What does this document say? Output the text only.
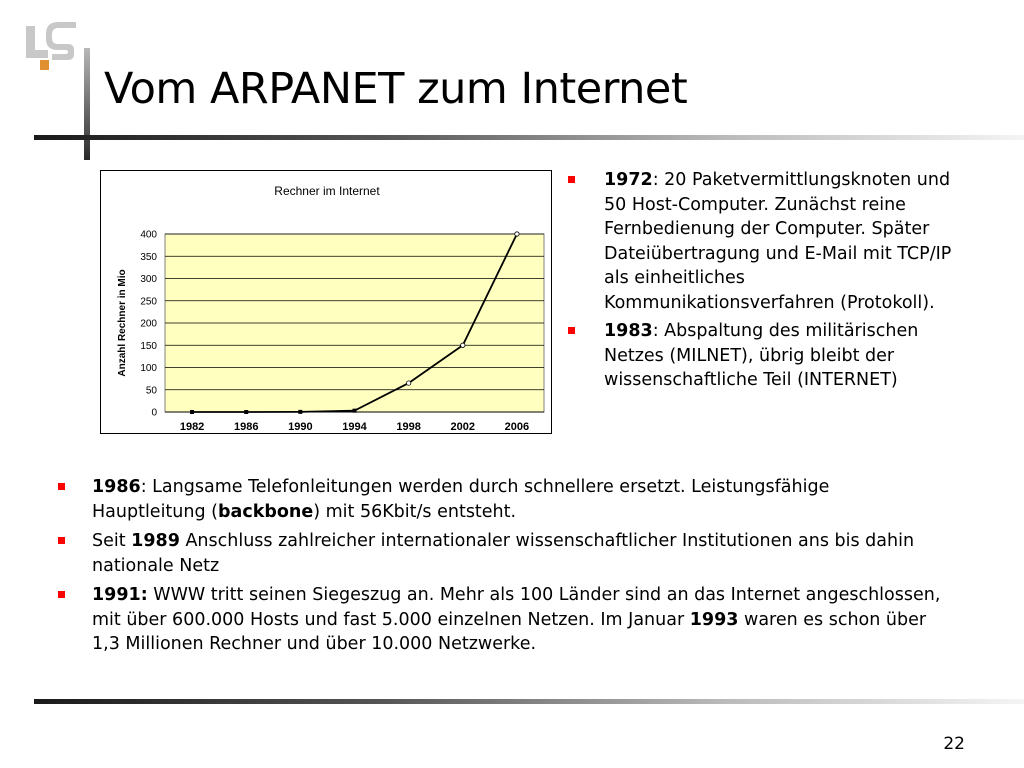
Vom ARPANET zum Internet
0
50
100
150
200
250
300
350
400
1982	1986	1990	1994	1998	2002	2006
Rechner im Internet
Anzahl Rechner in Mio
1972: 20 Paketvermittlungsknoten und 50 Host-Computer. Zunächst reine Fernbedienung der Computer. Später Dateiübertragung und E-Mail mit TCP/IP als einheitliches Kommunikationsverfahren (Protokoll).
1983: Abspaltung des militärischen Netzes (MILNET), übrig bleibt der wissenschaftliche Teil (INTERNET)
1986: Langsame Telefonleitungen werden durch schnellere ersetzt. Leistungsfähige Hauptleitung (backbone) mit 56Kbit/s entsteht.
Seit 1989 Anschluss zahlreicher internationaler wissenschaftlicher Institutionen ans bis dahin nationale Netz
1991: WWW tritt seinen Siegeszug an. Mehr als 100 Länder sind an das Internet angeschlossen, mit über 600.000 Hosts und fast 5.000 einzelnen Netzen. Im Januar 1993 waren es schon über 1,3 Millionen Rechner und über 10.000 Netzwerke.
22
